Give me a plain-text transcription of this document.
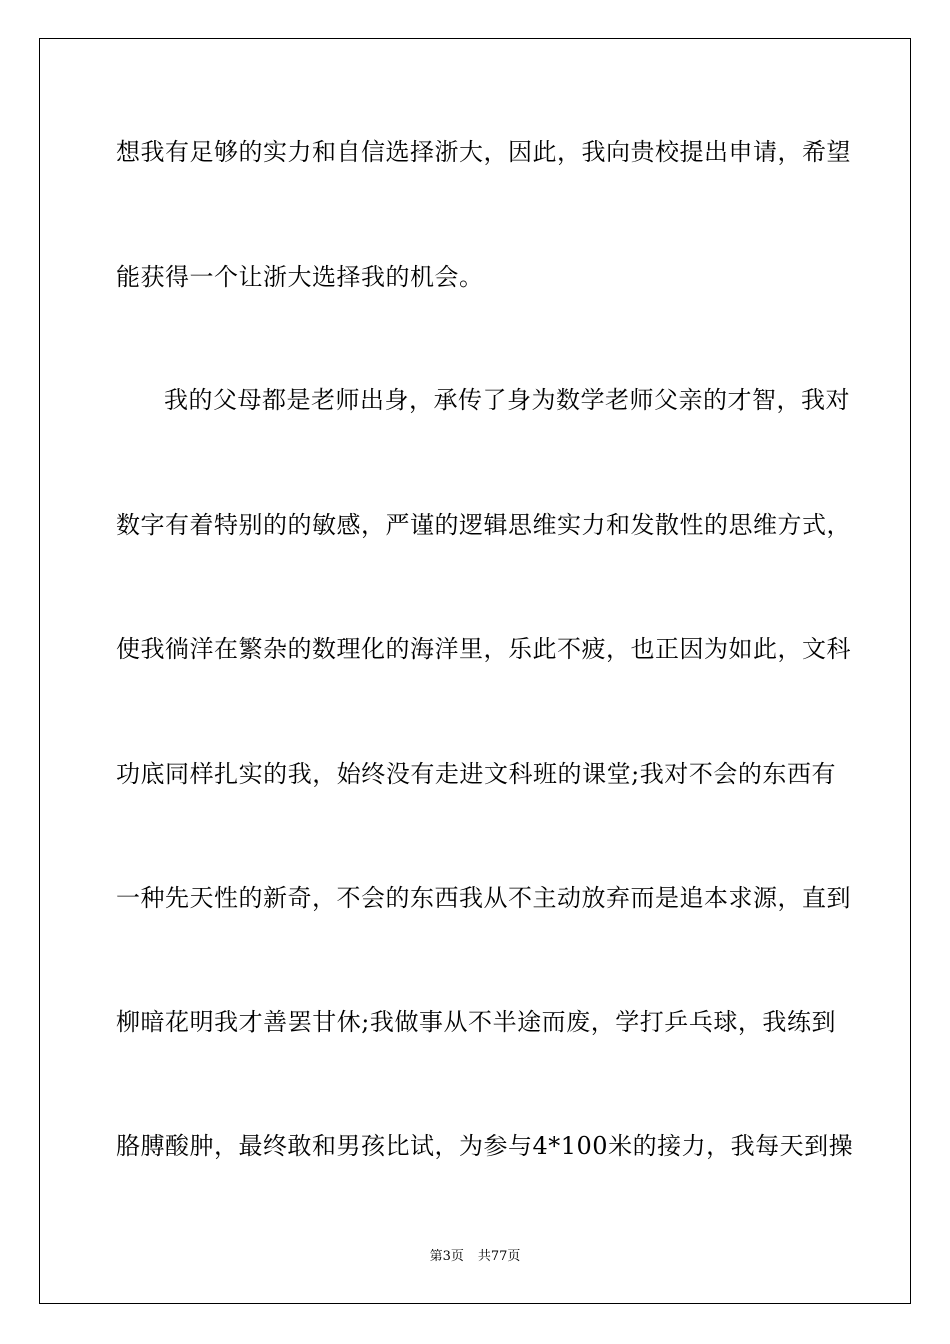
想我有足够的实力和自信选择浙大，因此，我向贵校提出申请，希望
能获得一个让浙大选择我的机会。
我的父母都是老师出身，承传了身为数学老师父亲的才智，我对
数字有着特别的的敏感，严谨的逻辑思维实力和发散性的思维方式，
使我徜洋在繁杂的数理化的海洋里，乐此不疲，也正因为如此，文科
功底同样扎实的我，始终没有走进文科班的课堂;我对不会的东西有
一种先天性的新奇，不会的东西我从不主动放弃而是追本求源，直到
柳暗花明我才善罢甘休;我做事从不半途而废，学打乒乓球，我练到
胳膊酸肿，最终敢和男孩比试，为参与4*100米的接力，我每天到操
第3页 共77页
